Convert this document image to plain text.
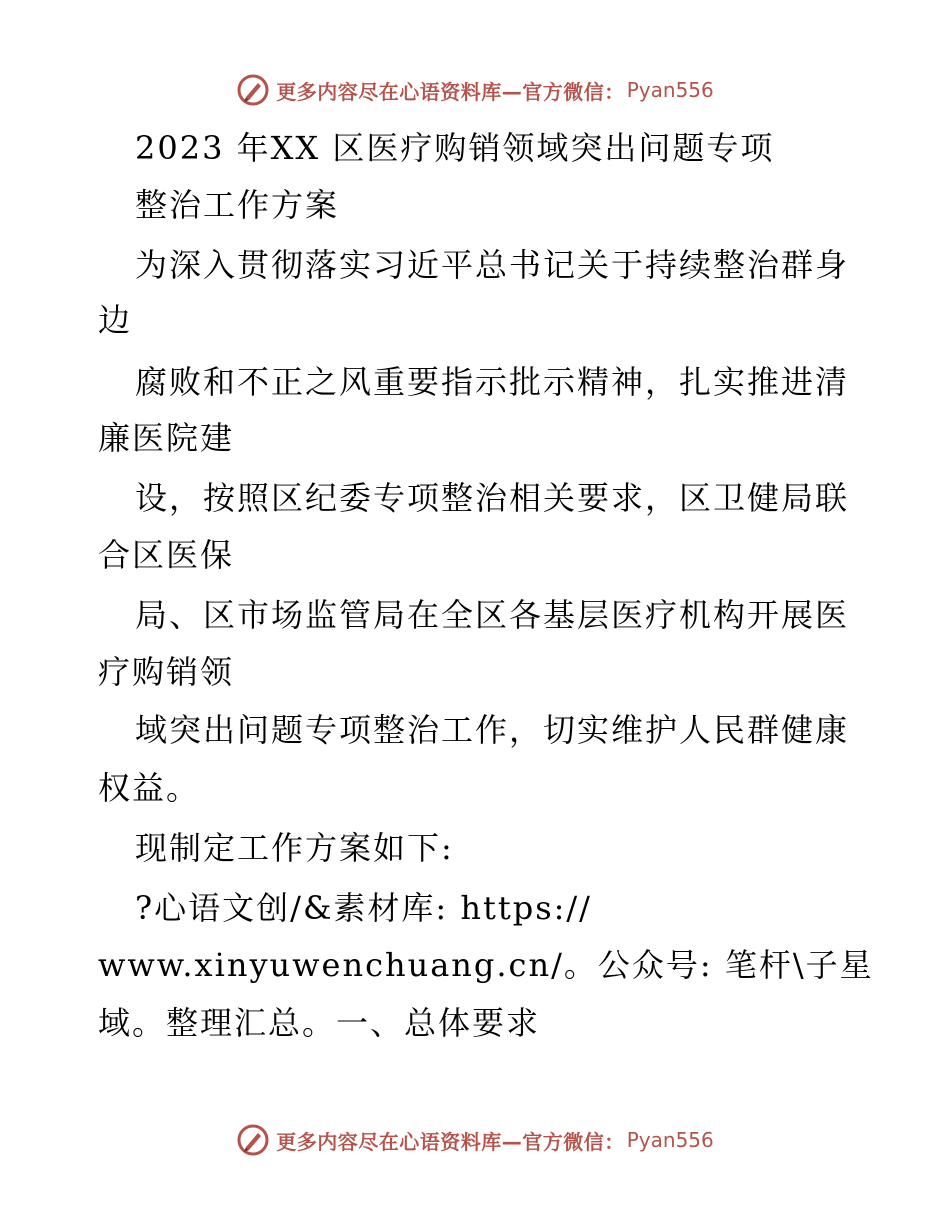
更多内容尽在心语资料库—官方微信： Pyan556
2023 年XX 区医疗购销领域突出问题专项
整治工作方案
为深入贯彻落实习近平总书记关于持续整治群身
边
腐败和不正之风重要指示批示精神，扎实推进清
廉医院建
设，按照区纪委专项整治相关要求，区卫健局联
合区医保
局、区市场监管局在全区各基层医疗机构开展医
疗购销领
域突出问题专项整治工作，切实维护人民群健康
权益。
现制定工作方案如下:
?心语文创/&素材库: https://
www.xinyuwenchuang.cn/。公众号: 笔杆\子星
域。整理汇总。一、总体要求
更多内容尽在心语资料库—官方微信： Pyan556
